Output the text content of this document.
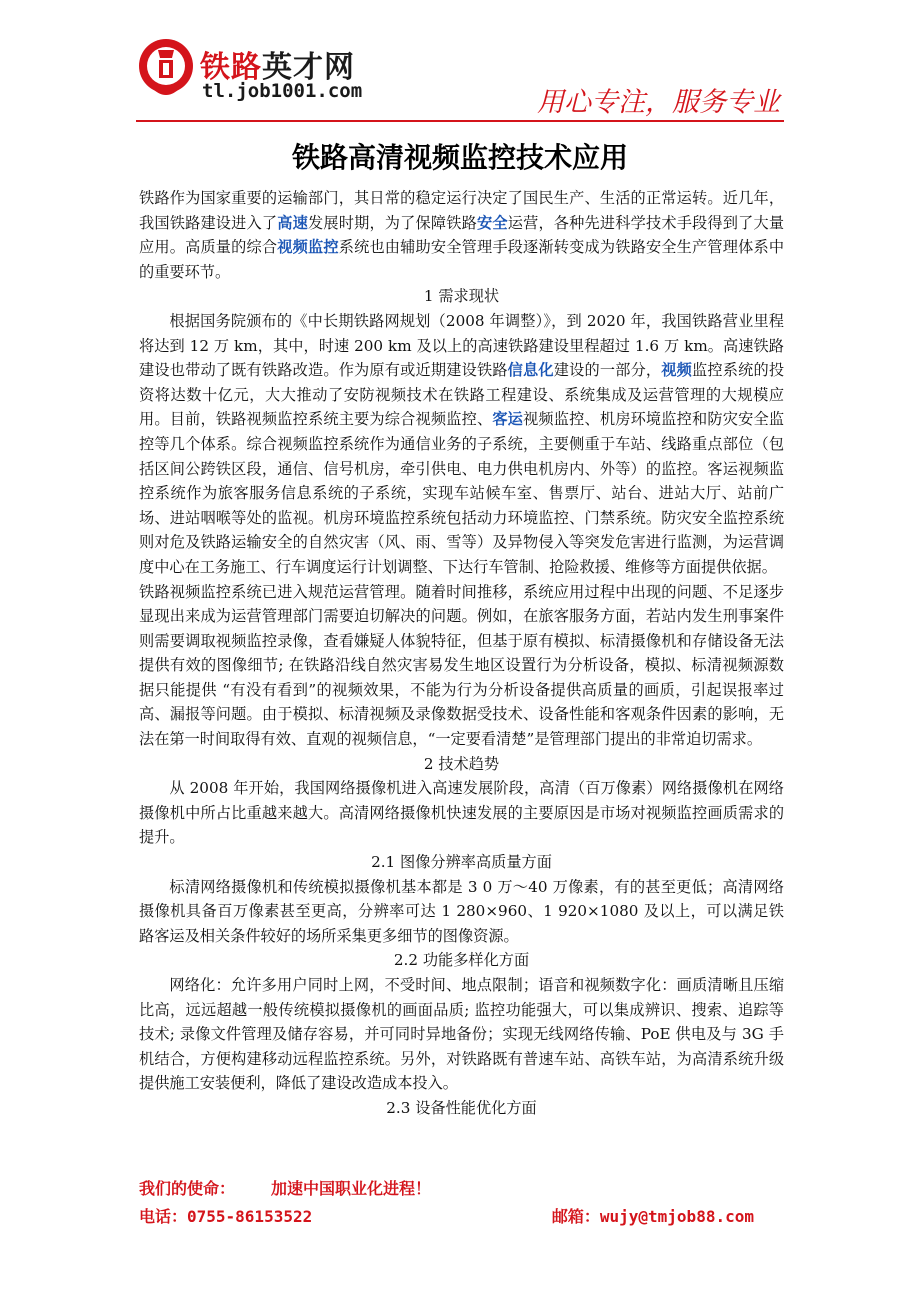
铁路英才网
tl.job1001.com	用心专注，服务专业
铁路高清视频监控技术应用

铁路作为国家重要的运输部门，其日常的稳定运行决定了国民生产、生活的正常运转。近几年，我国铁路建设进入了高速发展时期，为了保障铁路安全运营，各种先进科学技术手段得到了大量应用。高质量的综合视频监控系统也由辅助安全管理手段逐渐转变成为铁路安全生产管理体系中的重要环节。

1 需求现状

根据国务院颁布的《中长期铁路网规划（2008 年调整）》，到 2020 年，我国铁路营业里程将达到 12 万 km，其中，时速 200 km 及以上的高速铁路建设里程超过 1.6 万 km。高速铁路建设也带动了既有铁路改造。作为原有或近期建设铁路信息化建设的一部分，视频监控系统的投资将达数十亿元，大大推动了安防视频技术在铁路工程建设、系统集成及运营管理的大规模应用。目前，铁路视频监控系统主要为综合视频监控、客运视频监控、机房环境监控和防灾安全监控等几个体系。综合视频监控系统作为通信业务的子系统，主要侧重于车站、线路重点部位（包括区间公跨铁区段，通信、信号机房，牵引供电、电力供电机房内、外等）的监控。客运视频监控系统作为旅客服务信息系统的子系统，实现车站候车室、售票厅、站台、进站大厅、站前广场、进站咽喉等处的监视。机房环境监控系统包括动力环境监控、门禁系统。防灾安全监控系统则对危及铁路运输安全的自然灾害（风、雨、雪等）及异物侵入等突发危害进行监测，为运营调度中心在工务施工、行车调度运行计划调整、下达行车管制、抢险救援、维修等方面提供依据。

铁路视频监控系统已进入规范运营管理。随着时间推移，系统应用过程中出现的问题、不足逐步显现出来成为运营管理部门需要迫切解决的问题。例如，在旅客服务方面，若站内发生刑事案件则需要调取视频监控录像，查看嫌疑人体貌特征，但基于原有模拟、标清摄像机和存储设备无法提供有效的图像细节; 在铁路沿线自然灾害易发生地区设置行为分析设备，模拟、标清视频源数据只能提供 “有没有看到”的视频效果，不能为行为分析设备提供高质量的画质，引起误报率过高、漏报等问题。由于模拟、标清视频及录像数据受技术、设备性能和客观条件因素的影响，无法在第一时间取得有效、直观的视频信息，“一定要看清楚”是管理部门提出的非常迫切需求。

2 技术趋势

从 2008 年开始，我国网络摄像机进入高速发展阶段，高清（百万像素）网络摄像机在网络摄像机中所占比重越来越大。高清网络摄像机快速发展的主要原因是市场对视频监控画质需求的提升。

2.1 图像分辨率高质量方面

标清网络摄像机和传统模拟摄像机基本都是 3 0 万～40 万像素，有的甚至更低；高清网络摄像机具备百万像素甚至更高，分辨率可达 1 280×960、1 920×1080 及以上，可以满足铁路客运及相关条件较好的场所采集更多细节的图像资源。

2.2 功能多样化方面

网络化：允许多用户同时上网，不受时间、地点限制；语音和视频数字化：画质清晰且压缩比高，远远超越一般传统模拟摄像机的画面品质; 监控功能强大，可以集成辨识、搜索、追踪等技术; 录像文件管理及储存容易，并可同时异地备份；实现无线网络传输、PoE 供电及与 3G 手机结合，方便构建移动远程监控系统。另外，对铁路既有普速车站、高铁车站，为高清系统升级提供施工安装便利，降低了建设改造成本投入。

2.3 设备性能优化方面

我们的使命： 加速中国职业化进程！
电话：0755-86153522	邮箱：wujy@tmjob88.com
